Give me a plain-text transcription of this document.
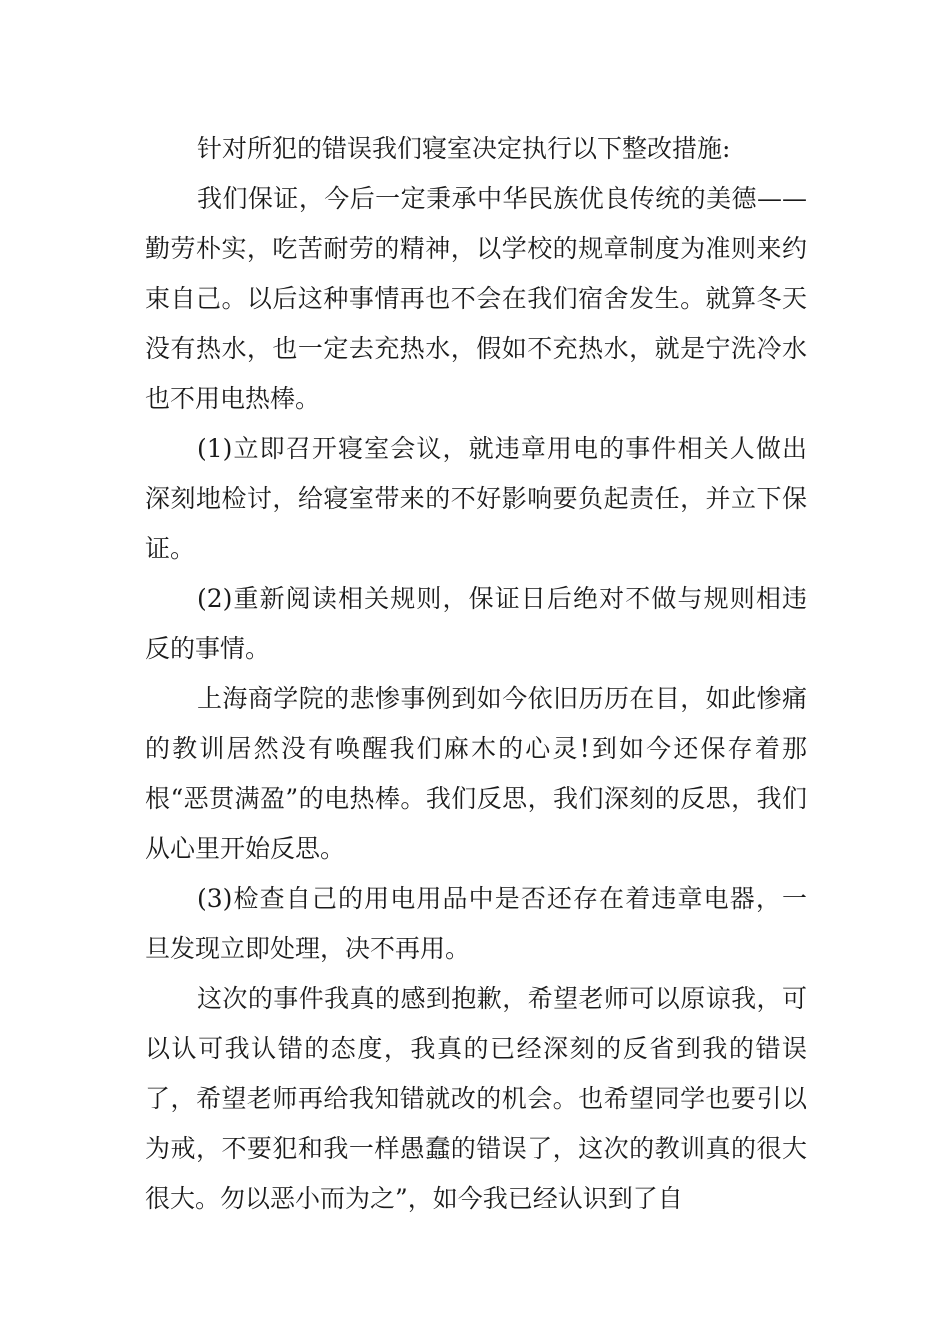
针对所犯的错误我们寝室决定执行以下整改措施:

我们保证，今后一定秉承中华民族优良传统的美德——勤劳朴实，吃苦耐劳的精神，以学校的规章制度为准则来约束自己。以后这种事情再也不会在我们宿舍发生。就算冬天没有热水，也一定去充热水，假如不充热水，就是宁洗冷水也不用电热棒。

(1)立即召开寝室会议，就违章用电的事件相关人做出深刻地检讨，给寝室带来的不好影响要负起责任，并立下保证。

(2)重新阅读相关规则，保证日后绝对不做与规则相违反的事情。

上海商学院的悲惨事例到如今依旧历历在目，如此惨痛的教训居然没有唤醒我们麻木的心灵!到如今还保存着那根“恶贯满盈”的电热棒。我们反思，我们深刻的反思，我们从心里开始反思。

(3)检查自己的用电用品中是否还存在着违章电器，一旦发现立即处理，决不再用。

这次的事件我真的感到抱歉，希望老师可以原谅我，可以认可我认错的态度，我真的已经深刻的反省到我的错误了，希望老师再给我知错就改的机会。也希望同学也要引以为戒，不要犯和我一样愚蠢的错误了，这次的教训真的很大很大。勿以恶小而为之”，如今我已经认识到了自
